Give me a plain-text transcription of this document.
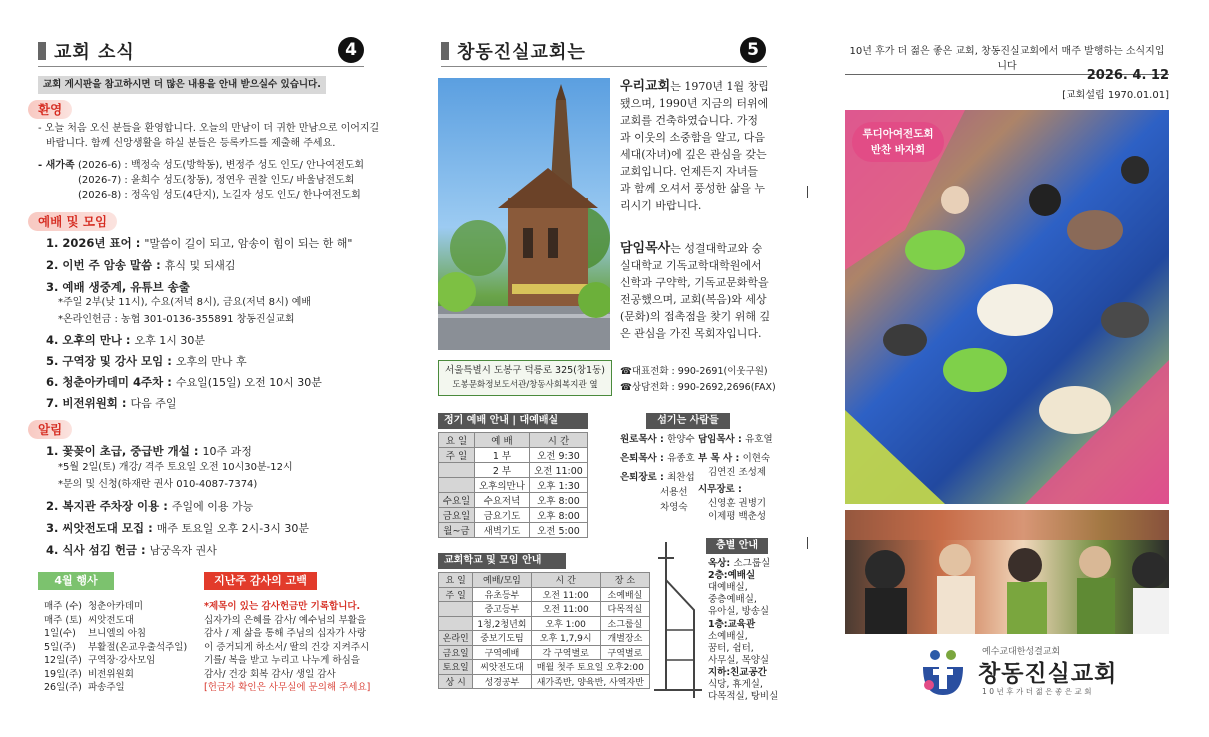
교회 소식	4
교회 게시판을 참고하시면 더 많은 내용을 안내 받으실수 있습니다.
환영
- 오늘 처음 오신 분들을 환영합니다. 오늘의 만남이 더 귀한 만남으로 이어지길
바랍니다. 함께 신앙생활을 하실 분들은 등록카드를 제출해 주세요.
- 새가족 (2026-6) : 백정숙 성도(방학동), 변정주 성도 인도/ 안나여전도회
(2026-7) : 윤희수 성도(창동), 정연우 권찰 인도/ 바울남전도회
(2026-8) : 정옥임 성도(4단지), 노길자 성도 인도/ 한나여전도회
예배 및 모임
1. 2026년 표어 : "말씀이 길이 되고, 암송이 힘이 되는 한 해"
2. 이번 주 암송 말씀 : 휴식 및 되새김
3. 예배 생중계, 유튜브 송출
*주일 2부(낮 11시), 수요(저녁 8시), 금요(저녁 8시) 예배
*온라인헌금 : 농협 301-0136-355891 창동진실교회
4. 오후의 만나 : 오후 1시 30분
5. 구역장 및 강사 모임 : 오후의 만나 후
6. 청춘아카데미 4주차 : 수요일(15일) 오전 10시 30분
7. 비전위원회 : 다음 주일
알림
1. 꽃꽂이 초급, 중급반 개설 : 10주 과정
*5월 2일(토) 개강/ 격주 토요일 오전 10시30분-12시
*문의 및 신청(하재란 권사 010-4087-7374)
2. 복지관 주차장 이용 : 주일에 이용 가능
3. 씨앗전도대 모집 : 매주 토요일 오후 2시-3시 30분
4. 식사 섬김 헌금 : 남궁옥자 권사
4월 행사
매주 (수) 청춘아카데미
매주 (토) 씨앗전도대
1일(수) 브니엘의 아침
5일(주) 부활절(온교우출석주일)
12일(주) 구역장·강사모임
19일(주) 비전위원회
26일(주) 파송주일
지난주 감사의 고백
*제목이 있는 감사헌금만 기록합니다.
십자가의 은혜를 감사/ 예수님의 부활을
감사 / 제 삶을 통해 주님의 십자가 사랑
이 증거되게 하소서/ 딸의 건강 지켜주시
기를/ 복을 받고 누리고 나누게 하심을
감사/ 건강 회복 감사/ 생일 감사
[헌금자 확인은 사무실에 문의해 주세요]
창동진실교회는	5
우리교회는 1970년 1월 창립
됐으며, 1990년 지금의 터위에
교회를 건축하였습니다. 가정
과 이웃의 소중함을 알고, 다음
세대(자녀)에 깊은 관심을 갖는
교회입니다. 언제든지 자녀들
과 함께 오셔서 풍성한 삶을 누
리시기 바랍니다.
담임목사는 성결대학교와 숭
실대학교 기독교학대학원에서
신학과 구약학, 기독교문화학을
전공했으며, 교회(복음)와 세상
(문화)의 접촉점을 찾기 위해 깊
은 관심을 가진 목회자입니다.
서울특별시 도봉구 덕릉로 325(창1동)
도봉문화정보도서관/창동사회복지관 옆
☎대표전화 : 990-2691(이웃구원)
☎상담전화 : 990-2692,2696(FAX)
정기 예배 안내 | 대예배실
요 일	예 배	시 간
주 일	1 부	오전 9:30
	2 부	오전 11:00
	오후의만나	오후 1:30
수요일	수요저녁	오후 8:00
금요일	금요기도	오후 8:00
월~금	새벽기도	오전 5:00
섬기는 사람들
원로목사 : 한양수
은퇴목사 : 유종호
은퇴장로 : 최찬섭
서용선
차영숙
담임목사 : 유호열
부 목 사 : 이현숙
김연진 조성제
시무장로 :
신영훈 권병기
이제평 백춘성
교회학교 및 모임 안내
요 일	예배/모임	시 간	장 소
주 일	유초등부	오전 11:00	소예배실
	중고등부	오전 11:00	다목적실
	1청,2청년회	오후 1:00	소그룹실
온라인	중보기도팀	오후 1,7,9시	개별장소
금요일	구역예배	각 구역별로	구역별로
토요일	씨앗전도대	매월 첫주 토요일 오후2:00	
상 시	성경공부	새가족반, 양육반, 사역자반	
층별 안내
옥상: 소그룹실
2층:예배실
대예배실,
중층예배실,
유아실, 방송실
1층:교육관
소예배실,
꿈터, 쉼터,
사무실, 목양실
지하:친교공간
식당, 휴게실,
다목적실, 탕비실
10년 후가 더 젊은 좋은 교회, 창동진실교회에서 매주 발행하는 소식지입니다
2026. 4. 12
[교회설립 1970.01.01]
루디아여전도회
반찬 바자회
예수교대한성결교회
창동진실교회
10년후가더젊은좋은교회
